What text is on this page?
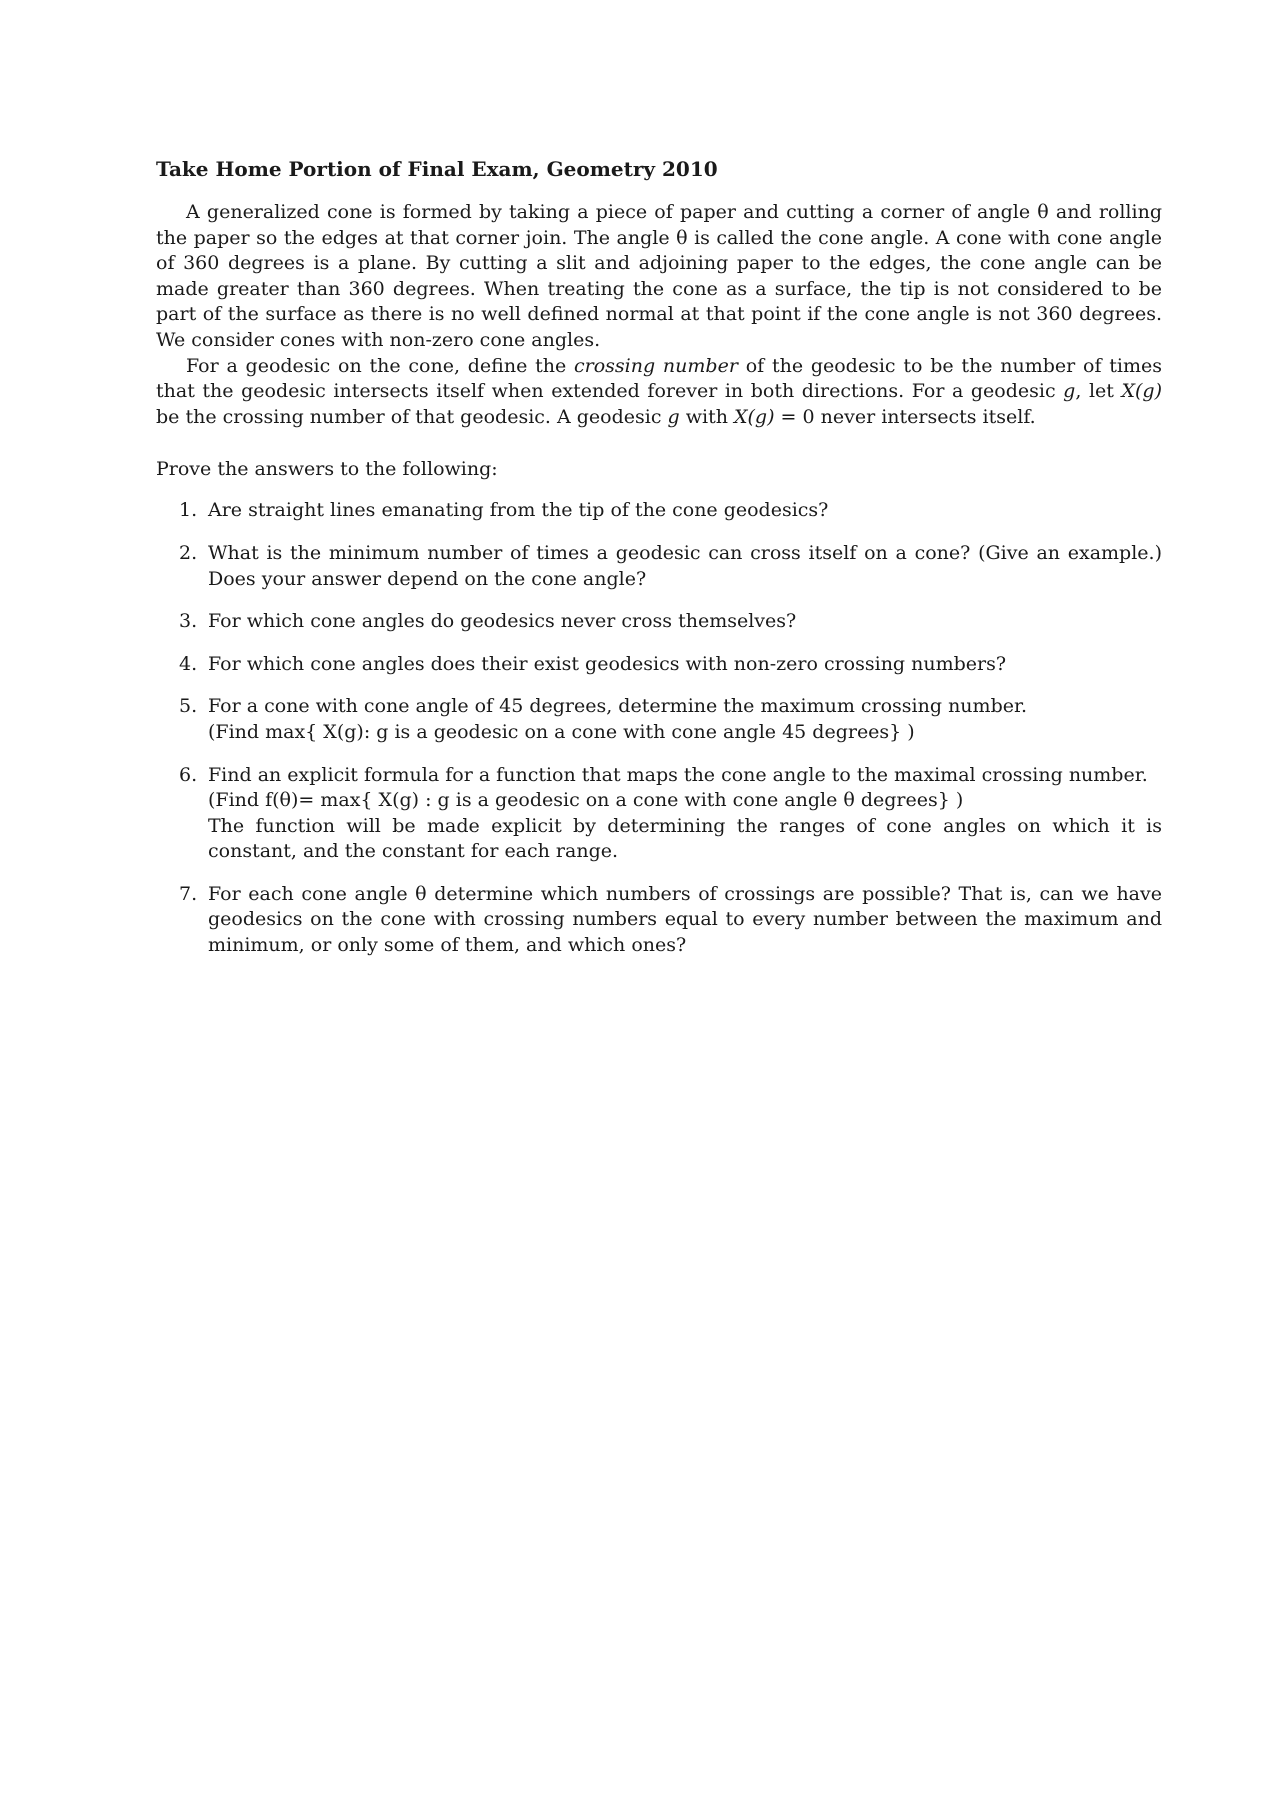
Take Home Portion of Final Exam, Geometry 2010

A generalized cone is formed by taking a piece of paper and cutting a corner of angle θ and rolling the paper so the edges at that corner join. The angle θ is called the cone angle. A cone with cone angle of 360 degrees is a plane. By cutting a slit and adjoining paper to the edges, the cone angle can be made greater than 360 degrees. When treating the cone as a surface, the tip is not considered to be part of the surface as there is no well defined normal at that point if the cone angle is not 360 degrees. We consider cones with non-zero cone angles.

For a geodesic on the cone, define the crossing number of the geodesic to be the number of times that the geodesic intersects itself when extended forever in both directions. For a geodesic g, let X(g) be the crossing number of that geodesic. A geodesic g with X(g) = 0 never intersects itself.

Prove the answers to the following:
1. Are straight lines emanating from the tip of the cone geodesics?
2. What is the minimum number of times a geodesic can cross itself on a cone? (Give an example.) Does your answer depend on the cone angle?
3. For which cone angles do geodesics never cross themselves?
4. For which cone angles does their exist geodesics with non-zero crossing numbers?
5. For a cone with cone angle of 45 degrees, determine the maximum crossing number.
(Find max{ X(g): g is a geodesic on a cone with cone angle 45 degrees} )
6. Find an explicit formula for a function that maps the cone angle to the maximal crossing number.
(Find f(θ)= max{ X(g) : g is a geodesic on a cone with cone angle θ degrees} )
The function will be made explicit by determining the ranges of cone angles on which it is constant, and the constant for each range.
7. For each cone angle θ determine which numbers of crossings are possible? That is, can we have geodesics on the cone with crossing numbers equal to every number between the maximum and minimum, or only some of them, and which ones?
